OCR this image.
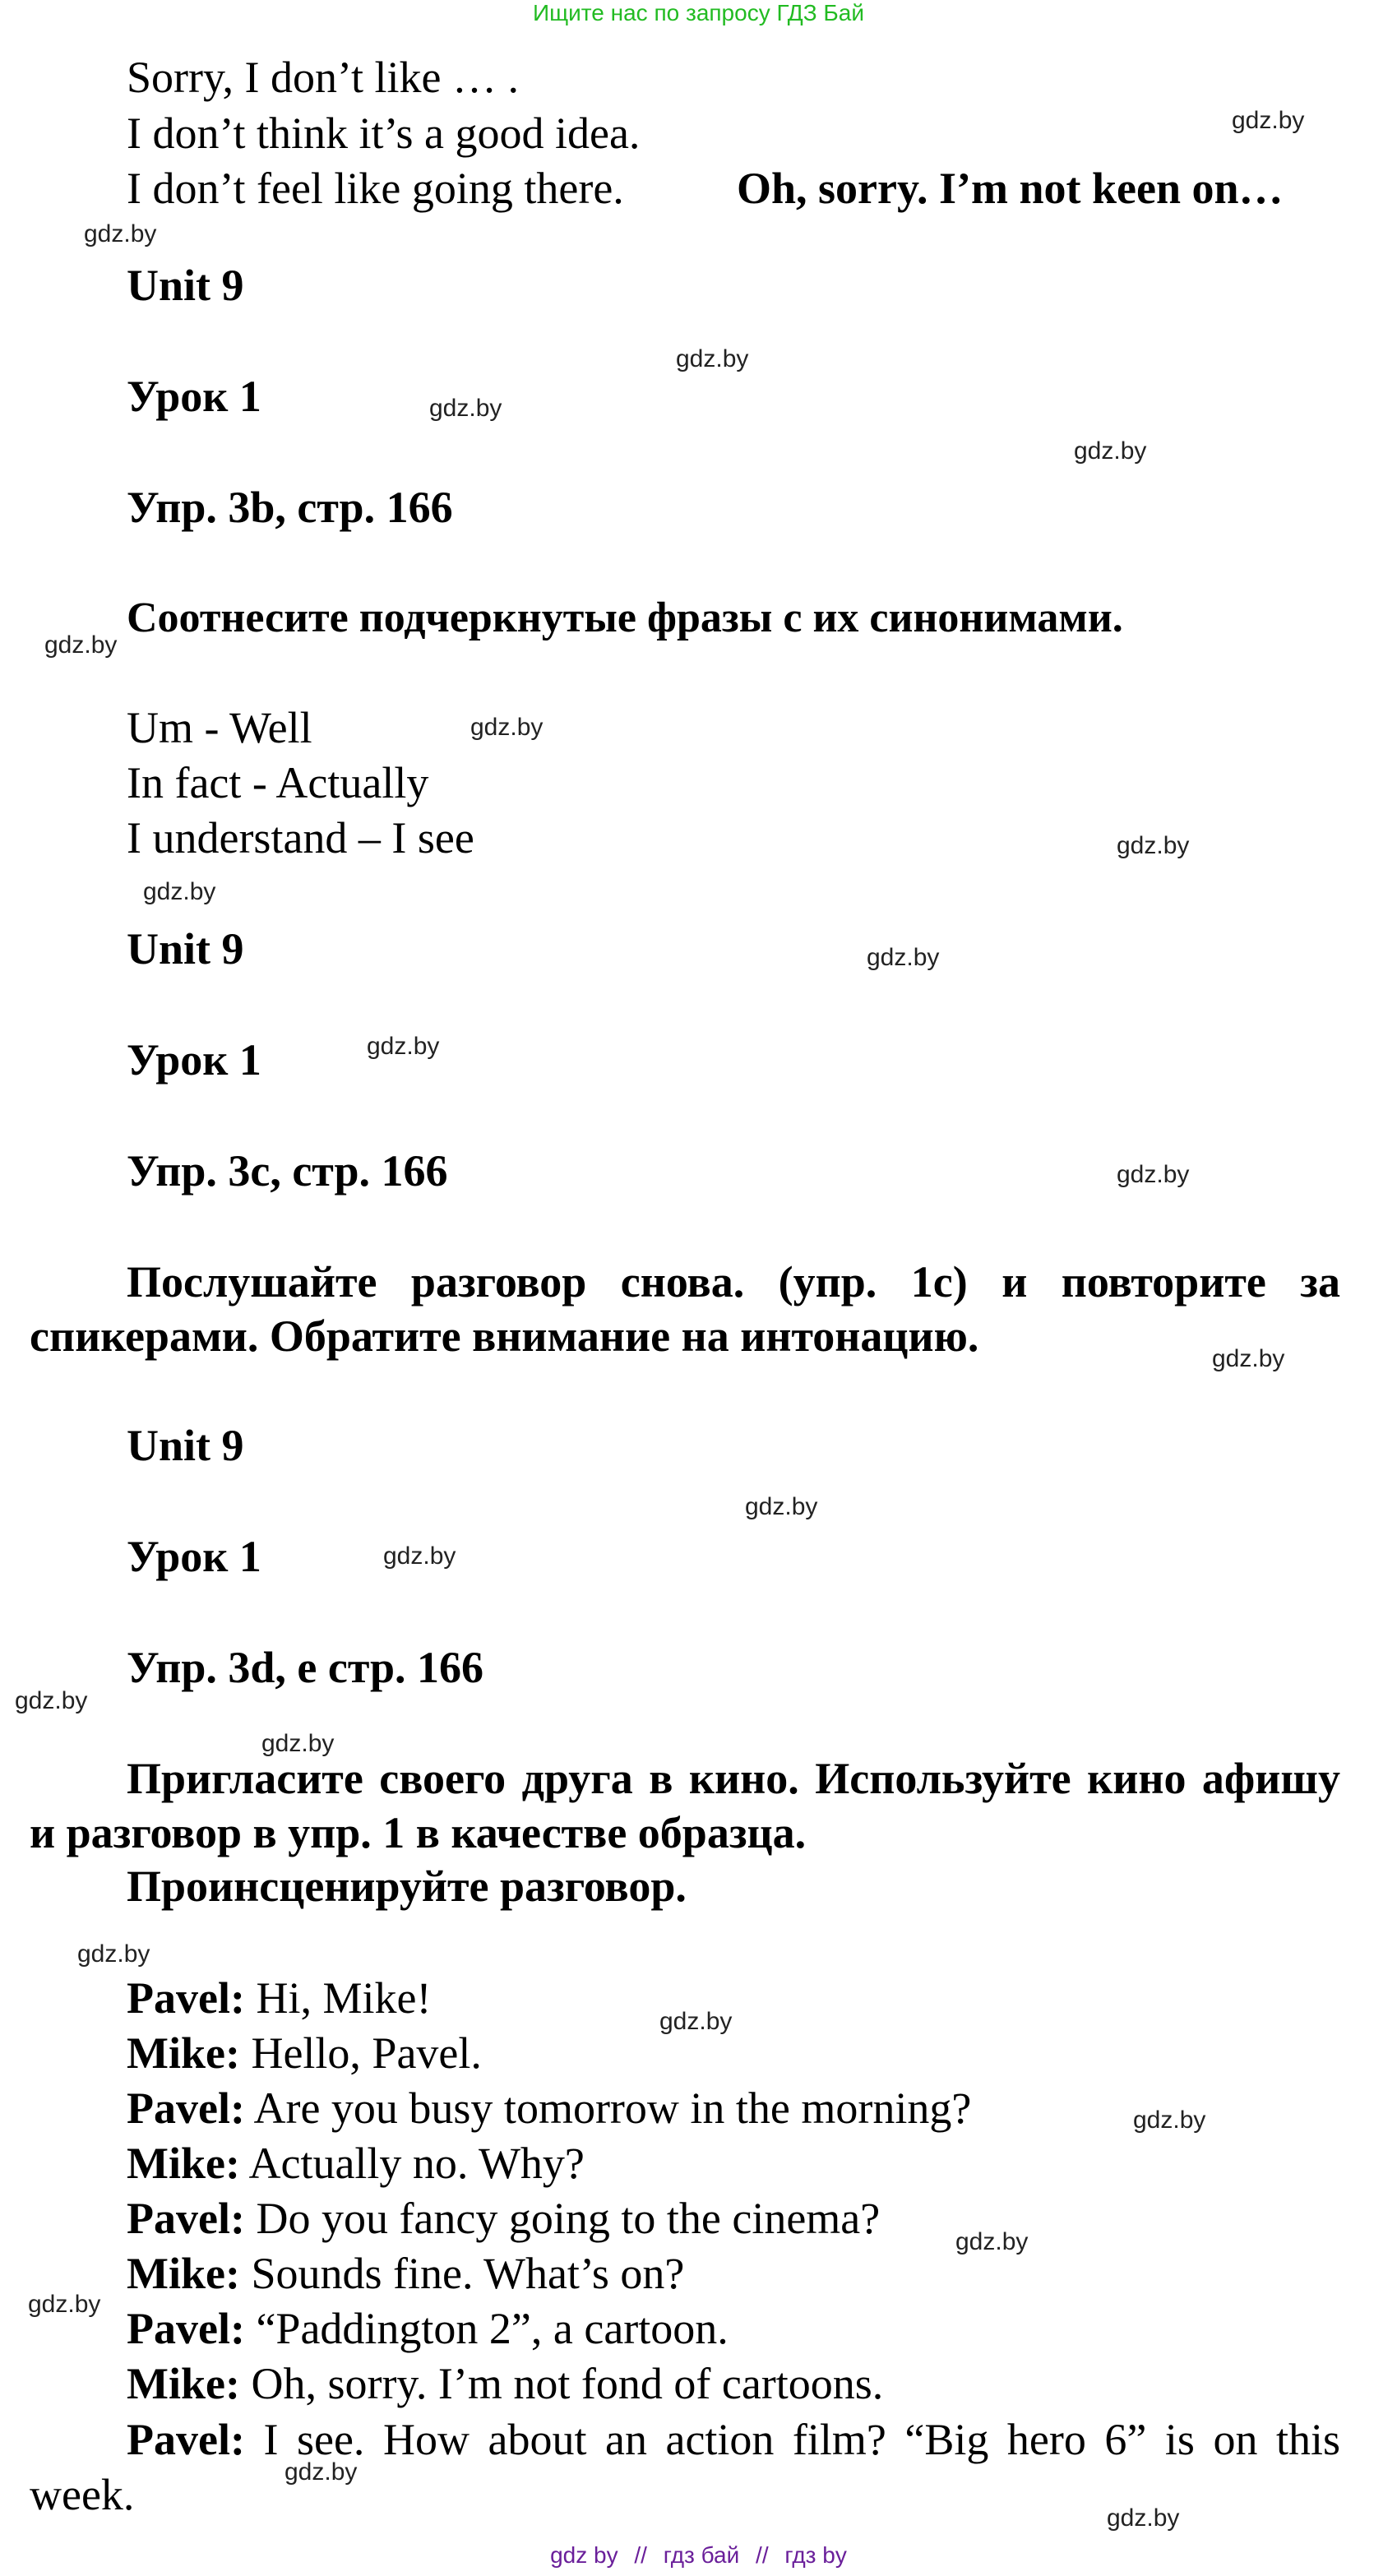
Ищите нас по запросу ГДЗ Бай
Sorry, I don’t like … .
I don’t think it’s a good idea.
I don’t feel like going there.	Oh, sorry. I’m not keen on…
Unit 9
Урок 1
Упр. 3b, стр. 166
Соотнесите подчеркнутые фразы с их синонимами.
Um - Well
In fact - Actually
I understand – I see
Unit 9
Урок 1
Упр. 3c, стр. 166
Послушайте разговор снова. (упр. 1c) и повторите за спикерами. Обратите внимание на интонацию.
Unit 9
Урок 1
Упр. 3d, e стр. 166
Пригласите своего друга в кино. Используйте кино афишу и разговор в упр. 1 в качестве образца.
Проинсценируйте разговор.
Pavel: Hi, Mike!
Mike: Hello, Pavel.
Pavel: Are you busy tomorrow in the morning?
Mike: Actually no. Why?
Pavel: Do you fancy going to the cinema?
Mike: Sounds fine. What’s on?
Pavel: “Paddington 2”, a cartoon.
Mike: Oh, sorry. I’m not fond of cartoons.
Pavel: I see. How about an action film? “Big hero 6” is on this week.
gdz.by
gdz.by
gdz.by
gdz.by
gdz.by
gdz.by
gdz.by
gdz.by
gdz.by
gdz.by
gdz.by
gdz.by
gdz.by
gdz.by
gdz.by
gdz.by
gdz.by
gdz.by
gdz.by
gdz.by
gdz.by
gdz.by
gdz.by
gdz.by
gdz by // гдз бай // гдз by
